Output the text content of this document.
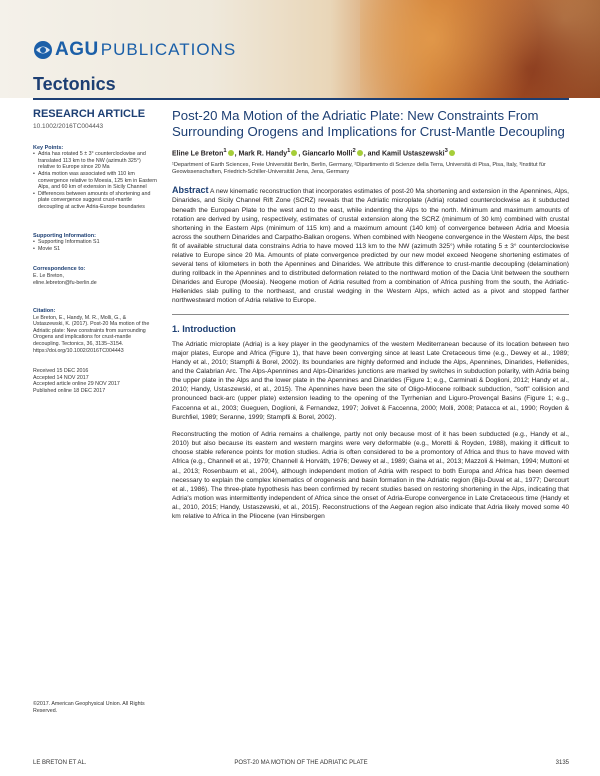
AGU PUBLICATIONS
Tectonics
RESEARCH ARTICLE
10.1002/2016TC004443
Key Points:
• Adria has rotated 5 ± 3° counterclockwise and translated 113 km to the NW (azimuth 325°) relative to Europe since 20 Ma
• Adria motion was associated with 110 km convergence relative to Moesia, 125 km in Eastern Alps, and 60 km of extension in Sicily Channel
• Differences between amounts of shortening and plate convergence suggest crust-mantle decoupling at active Adria-Europe boundaries
Supporting Information:
• Supporting Information S1
• Movie S1
Correspondence to:
E. Le Breton,
eline.lebreton@fu-berlin.de
Citation:
Le Breton, E., Handy, M. R., Molli, G., & Ustaszewski, K. (2017). Post-20 Ma motion of the Adriatic plate: New constraints from surrounding Orogens and implications for crust-mantle decoupling. Tectonics, 36, 3135–3154. https://doi.org/10.1002/2016TC004443
Received 15 DEC 2016
Accepted 14 NOV 2017
Accepted article online 29 NOV 2017
Published online 18 DEC 2017
©2017. American Geophysical Union. All Rights Reserved.
Post-20 Ma Motion of the Adriatic Plate: New Constraints From Surrounding Orogens and Implications for Crust-Mantle Decoupling
Eline Le Breton$^1$ , Mark R. Handy$^1$ , Giancarlo Molli$^2$ , and Kamil Ustaszewski$^3$
¹Department of Earth Sciences, Freie Universität Berlin, Berlin, Germany, ²Dipartimento di Scienze della Terra, Università di Pisa, Pisa, Italy, ³Institut für Geowissenschaften, Friedrich-Schiller-Universität Jena, Jena, Germany
Abstract A new kinematic reconstruction that incorporates estimates of post-20 Ma shortening and extension in the Apennines, Alps, Dinarides, and Sicily Channel Rift Zone (SCRZ) reveals that the Adriatic microplate (Adria) rotated counterclockwise as it subducted beneath the European Plate to the west and to the east, while indenting the Alps to the north. Minimum and maximum amounts of rotation are derived by using, respectively, estimates of crustal extension along the SCRZ (minimum of 30 km) combined with crustal shortening in the Eastern Alps (minimum of 115 km) and a maximum amount (140 km) of convergence between Adria and Moesia across the southern Dinarides and Carpatho-Balkan orogens. When combined with Neogene convergence in the Western Alps, the best fit of available structural data constrains Adria to have moved 113 km to the NW (azimuth 325°) while rotating 5 ± 3° counterclockwise relative to Europe since 20 Ma. Amounts of plate convergence predicted by our new model exceed Neogene shortening estimates of several tens of kilometers in both the Apennines and Dinarides. We attribute this difference to crust-mantle decoupling (delamination) during rollback in the Apennines and to distributed deformation related to the northward motion of the Dacia Unit between the southern Dinarides and Europe (Moesia). Neogene motion of Adria resulted from a combination of Africa pushing from the south, the Adriatic-Hellenides slab pulling to the northeast, and crustal wedging in the Western Alps, which acted as a pivot and stopped farther northwestward motion of Adria relative to Europe.
1. Introduction
The Adriatic microplate (Adria) is a key player in the geodynamics of the western Mediterranean because of its location between two major plates, Europe and Africa (Figure 1), that have been converging since at least Late Cretaceous time (e.g., Dewey et al., 1989; Handy et al., 2010; Stampfli & Borel, 2002). Its boundaries are highly deformed and include the Alps, Apennines, Dinarides, Hellenides, and the Calabrian Arc. The Alps-Apennines and Alps-Dinarides junctions are marked by switches in subduction polarity, with Adria being the upper plate in the Alps and the lower plate in the Apennines and Dinarides (Figure 1; e.g., Carminati & Doglioni, 2012; Handy et al., 2010; Handy, Ustaszewski, et al., 2015). The Apennines have been the site of Oligo-Miocene rollback subduction, “soft” collision and pronounced back-arc (upper plate) extension leading to the opening of the Tyrrhenian and Liguro-Provençal Basins (Figure 1; e.g., Faccenna et al., 2003; Gueguen, Doglioni, & Fernandez, 1997; Jolivet & Faccenna, 2000; Molli, 2008; Patacca et al., 1990; Royden & Burchfiel, 1989; Seranne, 1999; Stampfli & Borel, 2002).
Reconstructing the motion of Adria remains a challenge, partly not only because most of it has been subducted (e.g., Handy et al., 2010) but also because its eastern and western margins were very deformable (e.g., Moretti & Royden, 1988), making it difficult to choose stable reference points for motion studies. Adria is often considered to be a promontory of Africa and thus to have moved with Africa (e.g., Channell et al., 1979; Channell & Horváth, 1976; Dewey et al., 1989; Gaina et al., 2013; Mazzoli & Helman, 1994; Muttoni et al., 2013; Rosenbaum et al., 2004), although independent motion of Adria with respect to both Europa and Africa has been deemed necessary to explain the complex kinematics of orogenesis and basin formation in the Adriatic region (Biju-Duval et al., 1977; Dercourt et al., 1986). The three-plate hypothesis has been confirmed by recent studies based on restoring shortening in the Alps, indicating that Adria's motion was intermittently independent of Africa since the onset of Adria-Europe convergence in Late Cretaceous time (Handy et al., 2010, 2015; Handy, Ustaszewski, et al., 2015). Reconstructions of the Aegean region also indicate that Adria likely moved some 40 km relative to Africa in the Pliocene (van Hinsbergen
LE BRETON ET AL.	POST-20 MA MOTION OF THE ADRIATIC PLATE	3135
